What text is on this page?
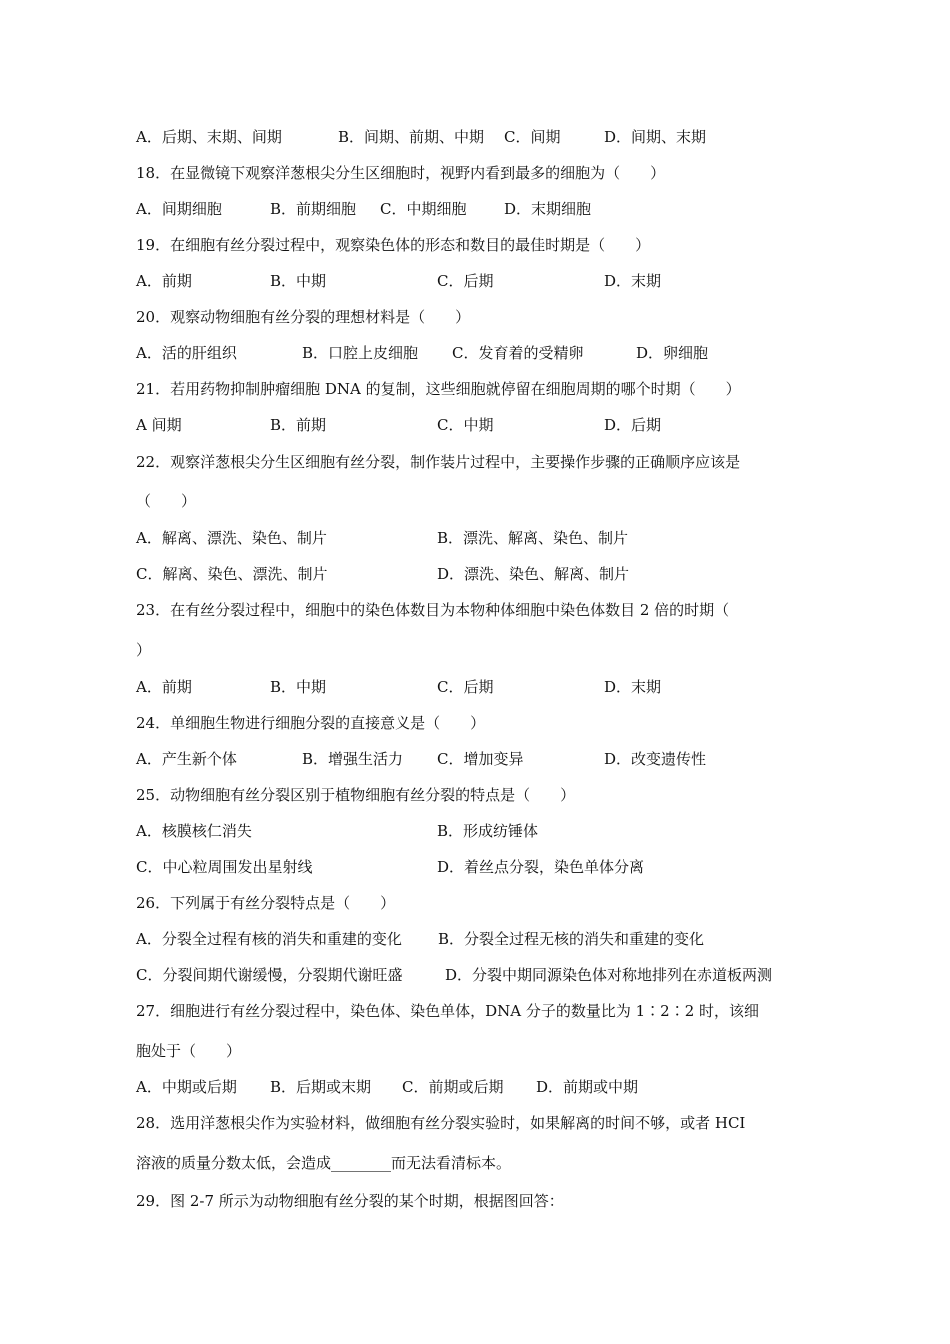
A．后期、末期、间期	B．间期、前期、中期 C．间期	D．间期、末期
18．在显微镜下观察洋葱根尖分生区细胞时，视野内看到最多的细胞为（　　）
A．间期细胞	B．前期细胞 C．中期细胞	D．末期细胞
19．在细胞有丝分裂过程中，观察染色体的形态和数目的最佳时期是（　　）
A．前期	B．中期	C．后期	D．末期
20．观察动物细胞有丝分裂的理想材料是（　　）
A．活的肝组织	B．口腔上皮细胞 C．发育着的受精卵	D．卵细胞
21．若用药物抑制肿瘤细胞 DNA 的复制，这些细胞就停留在细胞周期的哪个时期（　　）
A 间期	B．前期	C．中期	D．后期
22．观察洋葱根尖分生区细胞有丝分裂，制作装片过程中，主要操作步骤的正确顺序应该是
（　　）
A．解离、漂洗、染色、制片	B．漂洗、解离、染色、制片
C．解离、染色、漂洗、制片	D．漂洗、染色、解离、制片
23．在有丝分裂过程中，细胞中的染色体数目为本物种体细胞中染色体数目 2 倍的时期（
）
A．前期	B．中期	C．后期	D．末期
24．单细胞生物进行细胞分裂的直接意义是（　　）
A．产生新个体	B．增强生活力 C．增加变异	D．改变遗传性
25．动物细胞有丝分裂区别于植物细胞有丝分裂的特点是（　　）
A．核膜核仁消失	B．形成纺锤体
C．中心粒周围发出星射线	D．着丝点分裂，染色单体分离
26．下列属于有丝分裂特点是（　　）
A．分裂全过程有核的消失和重建的变化 B．分裂全过程无核的消失和重建的变化
C．分裂间期代谢缓慢，分裂期代谢旺盛	D．分裂中期同源染色体对称地排列在赤道板两测
27．细胞进行有丝分裂过程中，染色体、染色单体，DNA 分子的数量比为 1∶2∶2 时，该细
胞处于（　　）
A．中期或后期 B．后期或末期 C．前期或后期 D．前期或中期
28．选用洋葱根尖作为实验材料，做细胞有丝分裂实验时，如果解离的时间不够，或者 HCI
溶液的质量分数太低，会造成________而无法看清标本。
29．图 2-7 所示为动物细胞有丝分裂的某个时期，根据图回答：
